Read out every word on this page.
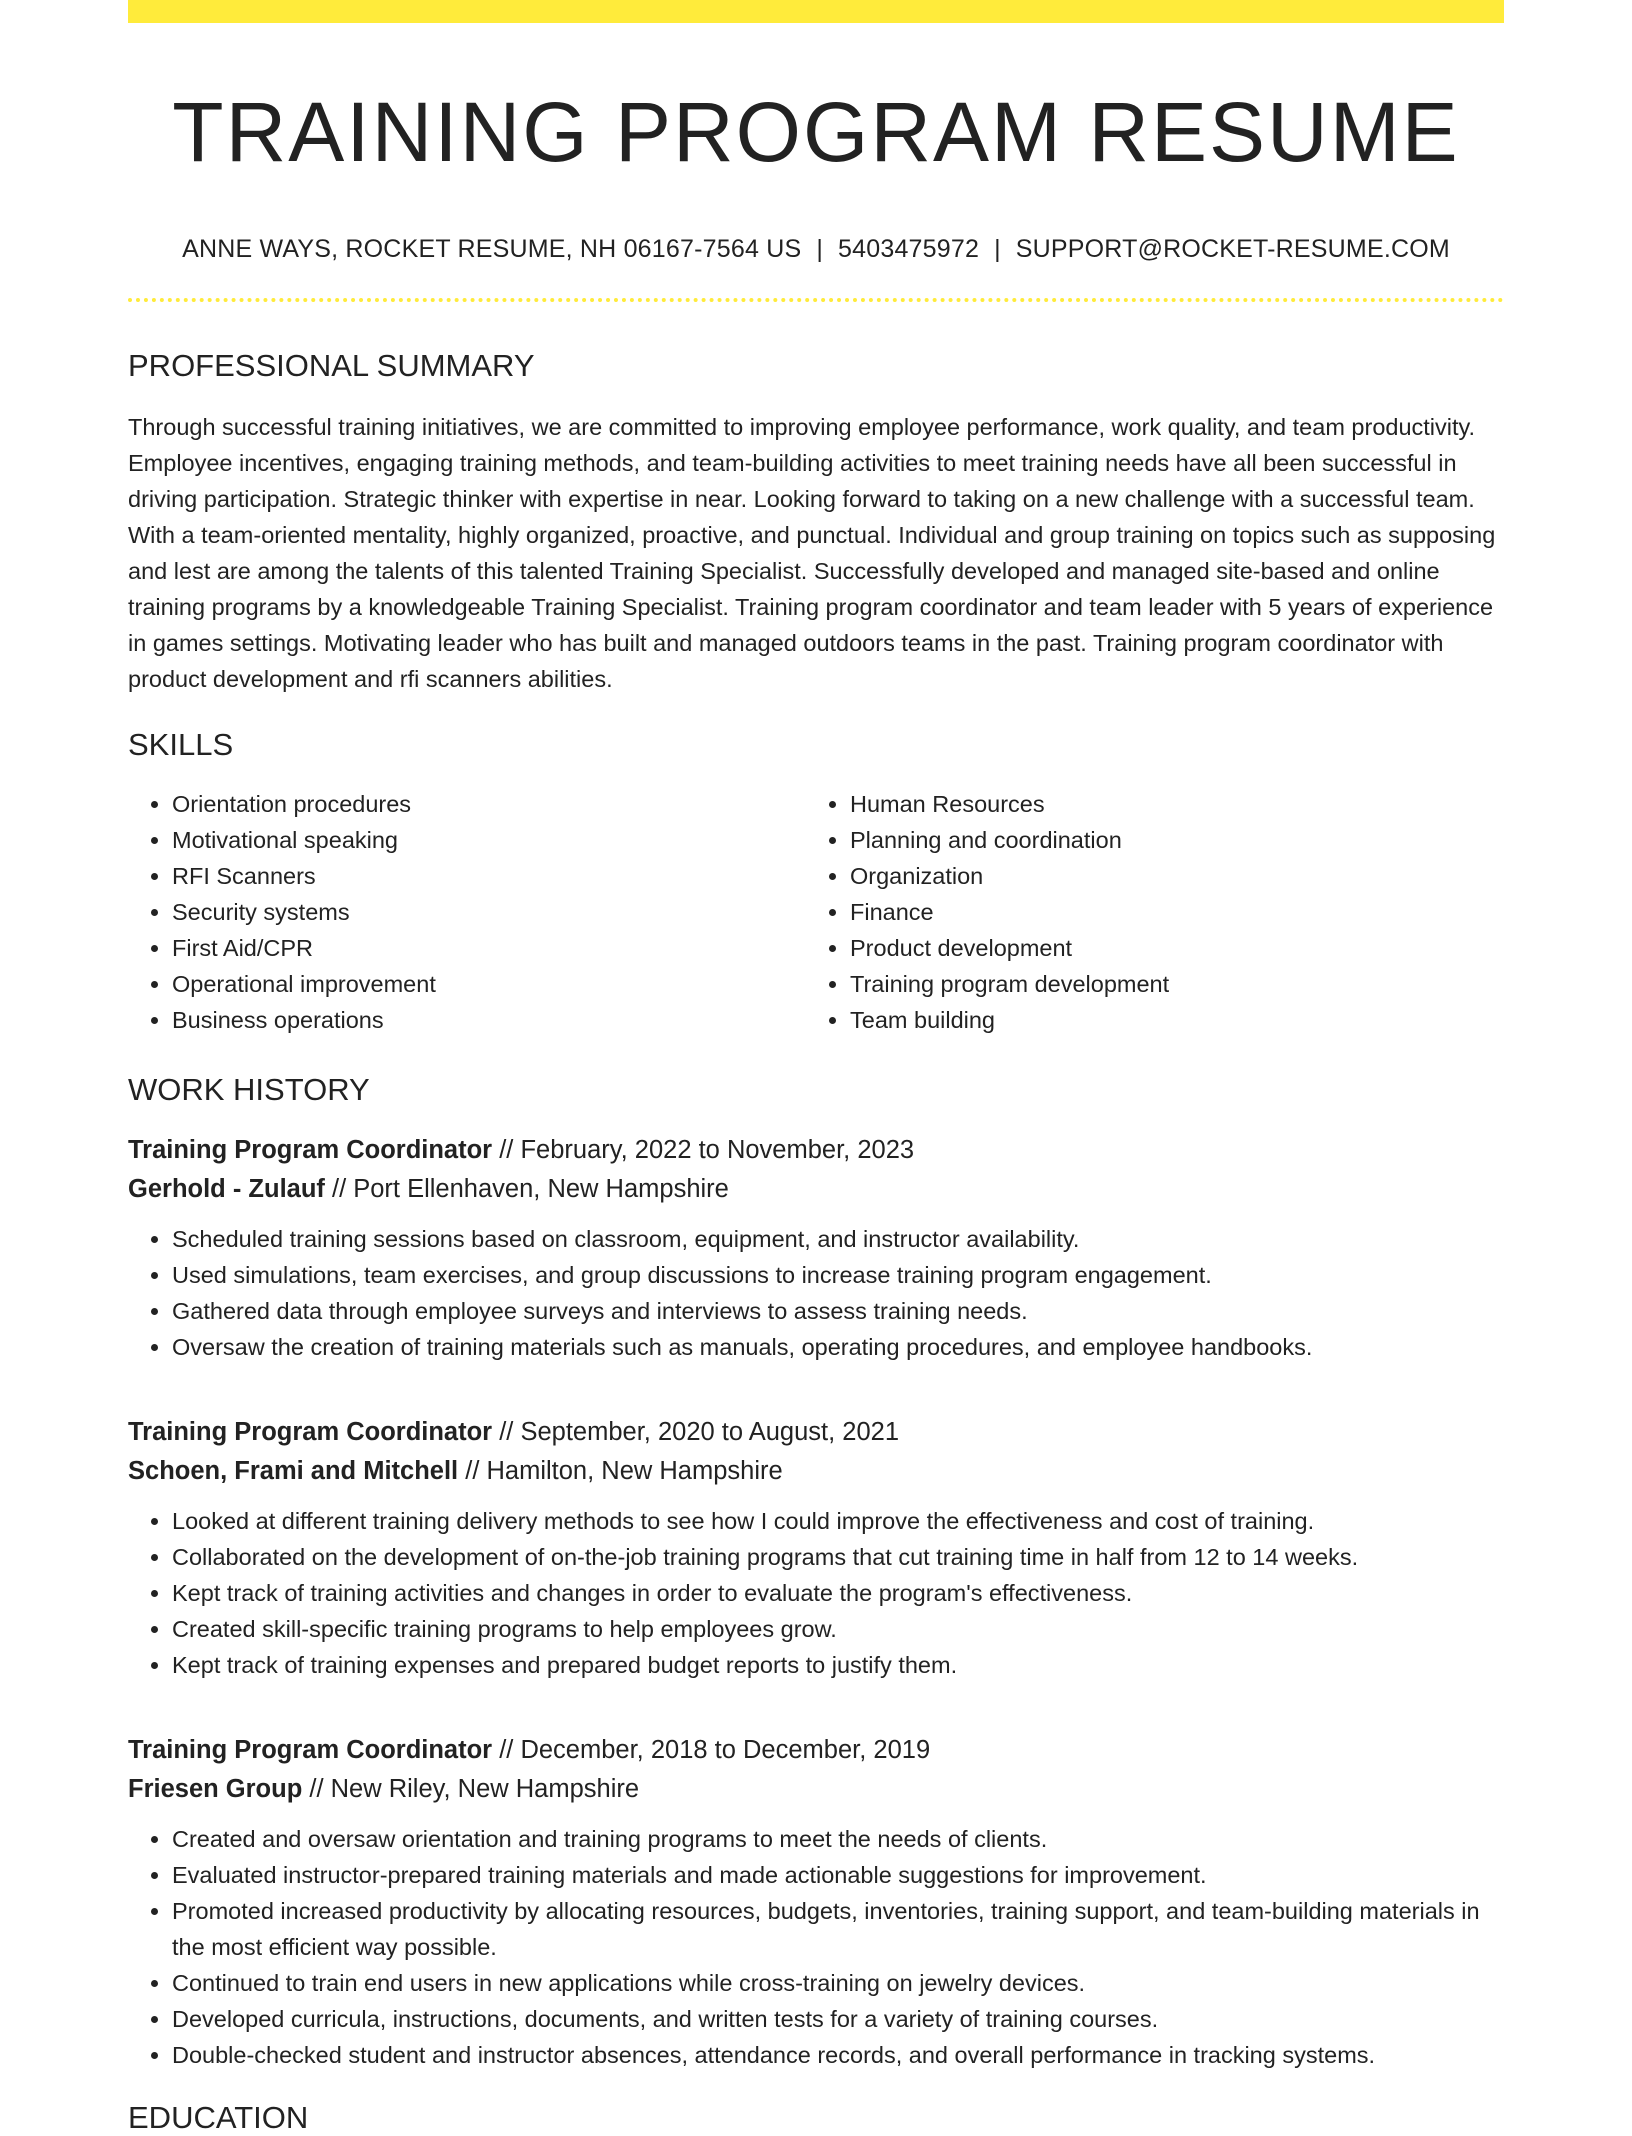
TRAINING PROGRAM RESUME
ANNE WAYS, ROCKET RESUME, NH 06167-7564 US | 5403475972 | SUPPORT@ROCKET-RESUME.COM
PROFESSIONAL SUMMARY

Through successful training initiatives, we are committed to improving employee performance, work quality, and team productivity. Employee incentives, engaging training methods, and team-building activities to meet training needs have all been successful in driving participation. Strategic thinker with expertise in near. Looking forward to taking on a new challenge with a successful team. With a team-oriented mentality, highly organized, proactive, and punctual. Individual and group training on topics such as supposing and lest are among the talents of this talented Training Specialist. Successfully developed and managed site-based and online training programs by a knowledgeable Training Specialist. Training program coordinator and team leader with 5 years of experience in games settings. Motivating leader who has built and managed outdoors teams in the past. Training program coordinator with product development and rfi scanners abilities.

SKILLS
• Orientation procedures
• Motivational speaking
• RFI Scanners
• Security systems
• First Aid/CPR
• Operational improvement
• Business operations
• Human Resources
• Planning and coordination
• Organization
• Finance
• Product development
• Training program development
• Team building
WORK HISTORY
Training Program Coordinator // February, 2022 to November, 2023
Gerhold - Zulauf // Port Ellenhaven, New Hampshire
• Scheduled training sessions based on classroom, equipment, and instructor availability.
• Used simulations, team exercises, and group discussions to increase training program engagement.
• Gathered data through employee surveys and interviews to assess training needs.
• Oversaw the creation of training materials such as manuals, operating procedures, and employee handbooks.
Training Program Coordinator // September, 2020 to August, 2021
Schoen, Frami and Mitchell // Hamilton, New Hampshire
• Looked at different training delivery methods to see how I could improve the effectiveness and cost of training.
• Collaborated on the development of on-the-job training programs that cut training time in half from 12 to 14 weeks.
• Kept track of training activities and changes in order to evaluate the program's effectiveness.
• Created skill-specific training programs to help employees grow.
• Kept track of training expenses and prepared budget reports to justify them.
Training Program Coordinator // December, 2018 to December, 2019
Friesen Group // New Riley, New Hampshire
• Created and oversaw orientation and training programs to meet the needs of clients.
• Evaluated instructor-prepared training materials and made actionable suggestions for improvement.
• Promoted increased productivity by allocating resources, budgets, inventories, training support, and team-building materials in the most efficient way possible.
• Continued to train end users in new applications while cross-training on jewelry devices.
• Developed curricula, instructions, documents, and written tests for a variety of training courses.
• Double-checked student and instructor absences, attendance records, and overall performance in tracking systems.
EDUCATION
